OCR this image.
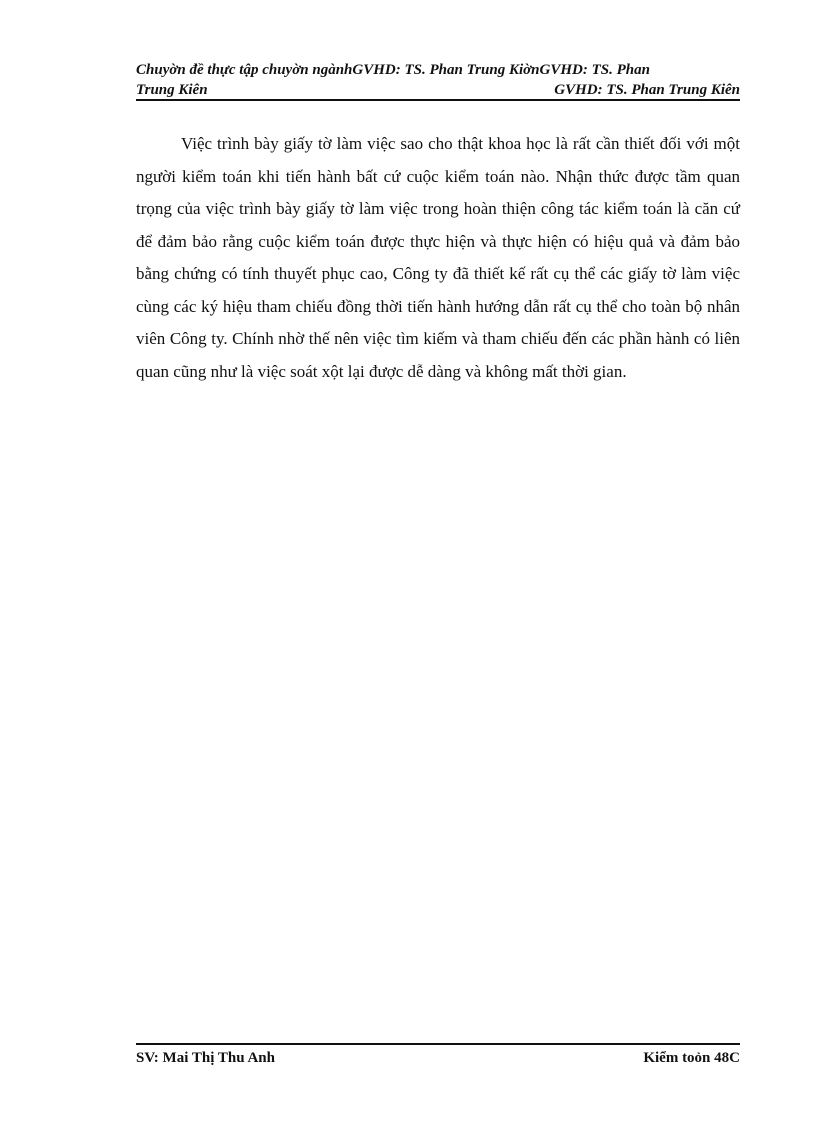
Chuyờn đề thực tập chuyờn ngànhGVHD: TS. Phan Trung KiờnGVHD: TS. Phan
Trung Kiên	GVHD: TS. Phan Trung Kiên

Việc trình bày giấy tờ làm việc sao cho thật khoa học là rất cần thiết đối với một người kiểm toán khi tiến hành bất cứ cuộc kiểm toán nào. Nhận thức được tầm quan trọng của việc trình bày giấy tờ làm việc trong hoàn thiện công tác kiểm toán là căn cứ để đảm bảo rằng cuộc kiểm toán được thực hiện và thực hiện có hiệu quả và đảm bảo bằng chứng có tính thuyết phục cao, Công ty đã thiết kế rất cụ thể các giấy tờ làm việc cùng các ký hiệu tham chiếu đồng thời tiến hành hướng dẫn rất cụ thể cho toàn bộ nhân viên Công ty. Chính nhờ thế nên việc tìm kiếm và tham chiếu đến các phần hành có liên quan cũng như là việc soát xột lại được dễ dàng và không mất thời gian.

SV: Mai Thị Thu Anh	Kiểm toỏn 48C
